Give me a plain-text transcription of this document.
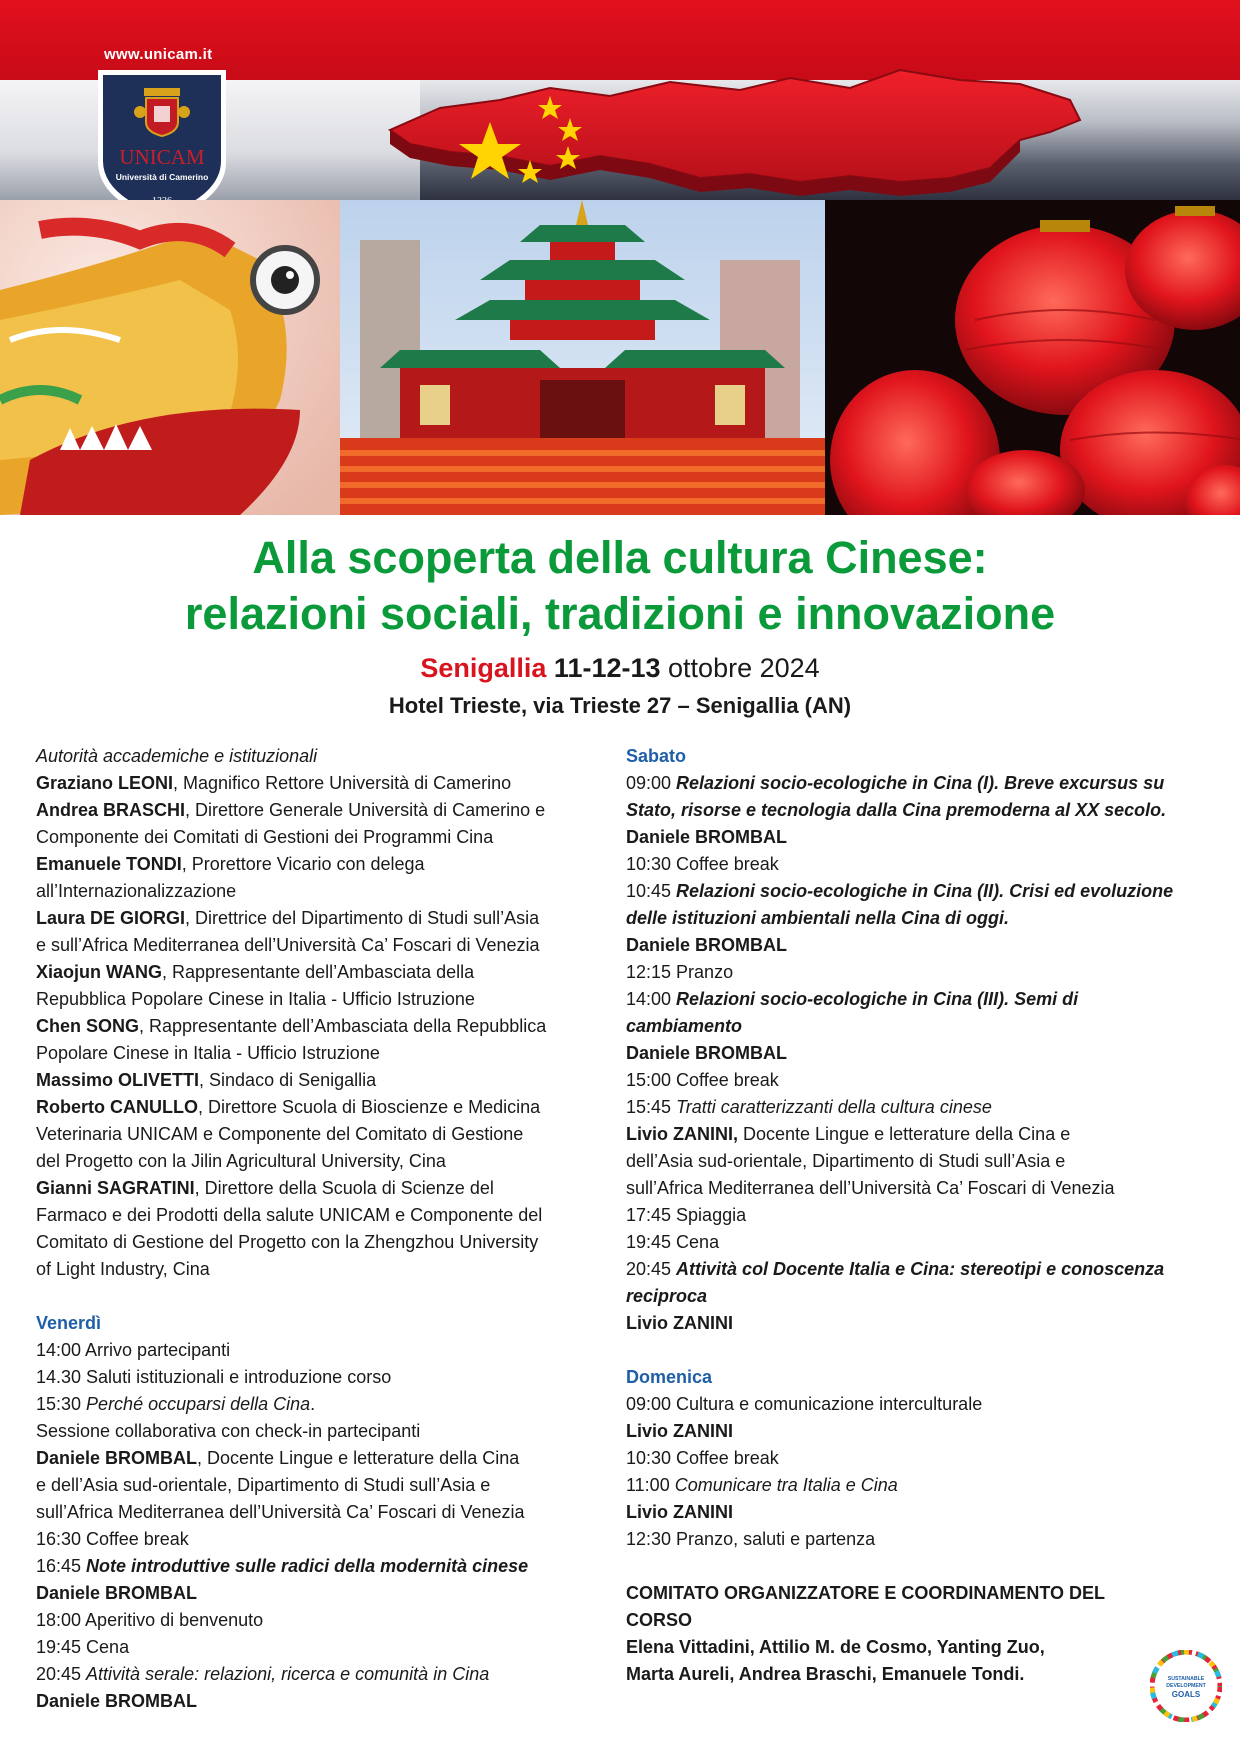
www.unicam.it
UNICAM
Università di Camerino
Alla scoperta della cultura Cinese:
relazioni sociali, tradizioni e innovazione
Senigallia 11-12-13 ottobre 2024
Hotel Trieste, via Trieste 27 – Senigallia (AN)
Autorità accademiche e istituzionali
Graziano LEONI, Magnifico Rettore Università di Camerino
Andrea BRASCHI, Direttore Generale Università di Camerino e
Componente dei Comitati di Gestioni dei Programmi Cina
Emanuele TONDI, Prorettore Vicario con delega
all’Internazionalizzazione
Laura DE GIORGI, Direttrice del Dipartimento di Studi sull’Asia
e sull’Africa Mediterranea dell’Università Ca’ Foscari di Venezia
Xiaojun WANG, Rappresentante dell’Ambasciata della
Repubblica Popolare Cinese in Italia - Ufficio Istruzione
Chen SONG, Rappresentante dell’Ambasciata della Repubblica
Popolare Cinese in Italia - Ufficio Istruzione
Massimo OLIVETTI, Sindaco di Senigallia
Roberto CANULLO, Direttore Scuola di Bioscienze e Medicina
Veterinaria UNICAM e Componente del Comitato di Gestione
del Progetto con la Jilin Agricultural University, Cina
Gianni SAGRATINI, Direttore della Scuola di Scienze del
Farmaco e dei Prodotti della salute UNICAM e Componente del
Comitato di Gestione del Progetto con la Zhengzhou University
of Light Industry, Cina
Venerdì
14:00 Arrivo partecipanti
14.30 Saluti istituzionali e introduzione corso
15:30 Perché occuparsi della Cina.
Sessione collaborativa con check-in partecipanti
Daniele BROMBAL, Docente Lingue e letterature della Cina
e dell’Asia sud-orientale, Dipartimento di Studi sull’Asia e
sull’Africa Mediterranea dell’Università Ca’ Foscari di Venezia
16:30 Coffee break
16:45 Note introduttive sulle radici della modernità cinese
Daniele BROMBAL
18:00 Aperitivo di benvenuto
19:45 Cena
20:45 Attività serale: relazioni, ricerca e comunità in Cina
Daniele BROMBAL
Sabato
09:00 Relazioni socio-ecologiche in Cina (I). Breve excursus su
Stato, risorse e tecnologia dalla Cina premoderna al XX secolo.
Daniele BROMBAL
10:30 Coffee break
10:45 Relazioni socio-ecologiche in Cina (II). Crisi ed evoluzione
delle istituzioni ambientali nella Cina di oggi.
Daniele BROMBAL
12:15 Pranzo
14:00 Relazioni socio-ecologiche in Cina (III). Semi di
cambiamento
Daniele BROMBAL
15:00 Coffee break
15:45 Tratti caratterizzanti della cultura cinese
Livio ZANINI, Docente Lingue e letterature della Cina e
dell’Asia sud-orientale, Dipartimento di Studi sull’Asia e
sull’Africa Mediterranea dell’Università Ca’ Foscari di Venezia
17:45 Spiaggia
19:45 Cena
20:45 Attività col Docente Italia e Cina: stereotipi e conoscenza
reciproca
Livio ZANINI
Domenica
09:00 Cultura e comunicazione interculturale
Livio ZANINI
10:30 Coffee break
11:00 Comunicare tra Italia e Cina
Livio ZANINI
12:30 Pranzo, saluti e partenza
COMITATO ORGANIZZATORE E COORDINAMENTO DEL
CORSO
Elena Vittadini, Attilio M. de Cosmo, Yanting Zuo,
Marta Aureli, Andrea Braschi, Emanuele Tondi.	SUSTAINABLE
DEVELOPMENT
GOALS
